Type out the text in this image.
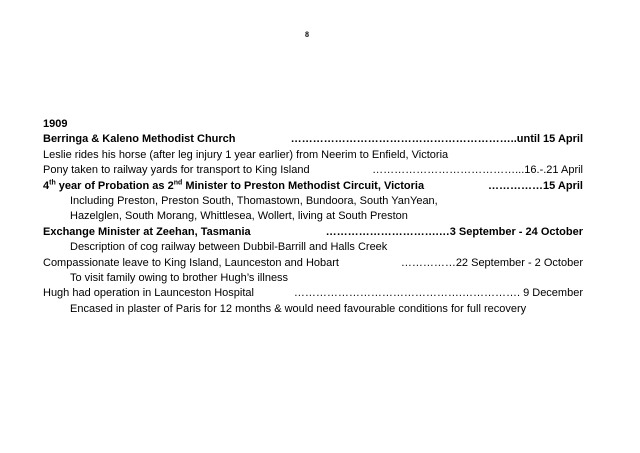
8
1909
Berringa & Kaleno Methodist Church	……………………………………………………..until 15 April
Leslie rides his horse (after leg injury 1 year earlier) from Neerim to Enfield, Victoria
Pony taken to railway yards for transport to King Island	…………………………………...16.-.21 April
4th year of Probation as 2nd Minister to Preston Methodist Circuit, Victoria	……………15 April
Including Preston, Preston South, Thomastown, Bundoora, South YanYean,
Hazelglen, South Morang, Whittlesea, Wollert, living at South Preston
Exchange Minister at Zeehan, Tasmania	………………………….…3 September - 24 October
Description of cog railway between Dubbil-Barrill and Halls Creek
Compassionate leave to King Island, Launceston and Hobart	……………22 September - 2 October
To visit family owing to brother Hugh’s illness
Hugh had operation in Launceston Hospital	……………………………………….……………. 9 December
Encased in plaster of Paris for 12 months & would need favourable conditions for full recovery
